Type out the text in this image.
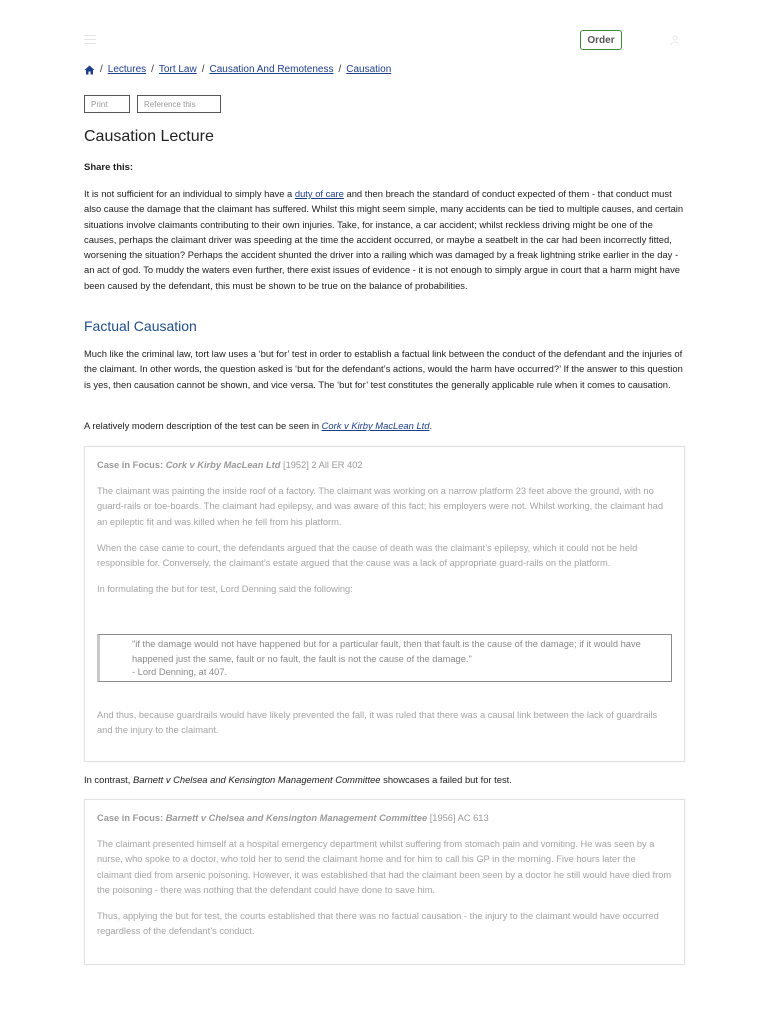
Order
/ Lectures / Tort Law / Causation And Remoteness / Causation
Print	Reference this
Causation Lecture
Share this:

It is not sufficient for an individual to simply have a duty of care and then breach the standard of conduct expected of them - that conduct must also cause the damage that the claimant has suffered. Whilst this might seem simple, many accidents can be tied to multiple causes, and certain situations involve claimants contributing to their own injuries. Take, for instance, a car accident; whilst reckless driving might be one of the causes, perhaps the claimant driver was speeding at the time the accident occurred, or maybe a seatbelt in the car had been incorrectly fitted, worsening the situation? Perhaps the accident shunted the driver into a railing which was damaged by a freak lightning strike earlier in the day - an act of god. To muddy the waters even further, there exist issues of evidence - it is not enough to simply argue in court that a harm might have been caused by the defendant, this must be shown to be true on the balance of probabilities.

Factual Causation

Much like the criminal law, tort law uses a ‘but for’ test in order to establish a factual link between the conduct of the defendant and the injuries of the claimant. In other words, the question asked is ‘but for the defendant’s actions, would the harm have occurred?’ If the answer to this question is yes, then causation cannot be shown, and vice versa. The ‘but for’ test constitutes the generally applicable rule when it comes to causation.

A relatively modern description of the test can be seen in Cork v Kirby MacLean Ltd.

Case in Focus: Cork v Kirby MacLean Ltd [1952] 2 All ER 402

The claimant was painting the inside roof of a factory. The claimant was working on a narrow platform 23 feet above the ground, with no guard-rails or toe-boards. The claimant had epilepsy, and was aware of this fact; his employers were not. Whilst working, the claimant had an epileptic fit and was killed when he fell from his platform.

When the case came to court, the defendants argued that the cause of death was the claimant’s epilepsy, which it could not be held responsible for. Conversely, the claimant’s estate argued that the cause was a lack of appropriate guard-rails on the platform.

In formulating the but for test, Lord Denning said the following:

"if the damage would not have happened but for a particular fault, then that fault is the cause of the damage; if it would have happened just the same, fault or no fault, the fault is not the cause of the damage."

- Lord Denning, at 407.

And thus, because guardrails would have likely prevented the fall, it was ruled that there was a causal link between the lack of guardrails and the injury to the claimant.

In contrast, Barnett v Chelsea and Kensington Management Committee showcases a failed but for test.

Case in Focus: Barnett v Chelsea and Kensington Management Committee [1956] AC 613

The claimant presented himself at a hospital emergency department whilst suffering from stomach pain and vomiting. He was seen by a nurse, who spoke to a doctor, who told her to send the claimant home and for him to call his GP in the morning. Five hours later the claimant died from arsenic poisoning. However, it was established that had the claimant been seen by a doctor he still would have died from the poisoning - there was nothing that the defendant could have done to save him.

Thus, applying the but for test, the courts established that there was no factual causation - the injury to the claimant would have occurred regardless of the defendant’s conduct.
